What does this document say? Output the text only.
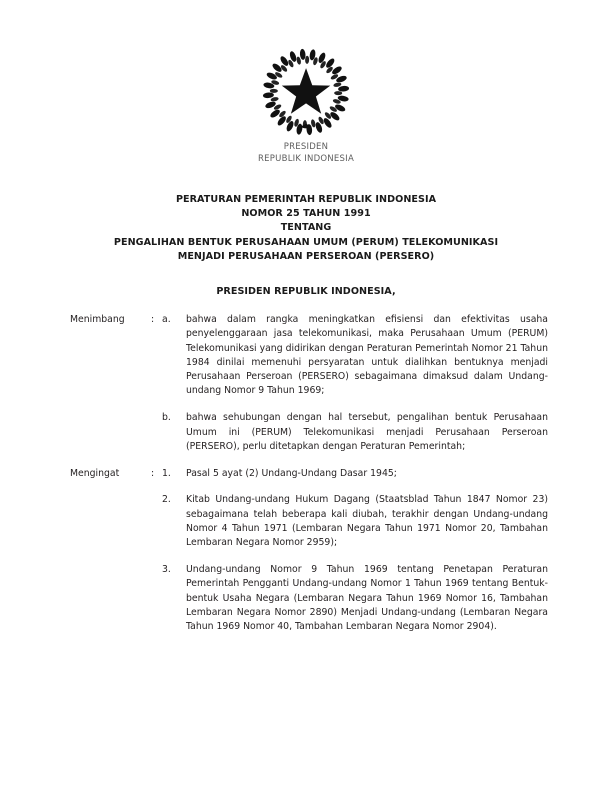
PRESIDEN
REPUBLIK INDONESIA
PERATURAN PEMERINTAH REPUBLIK INDONESIA
NOMOR 25 TAHUN 1991
TENTANG
PENGALIHAN BENTUK PERUSAHAAN UMUM (PERUM) TELEKOMUNIKASI
MENJADI PERUSAHAAN PERSEROAN (PERSERO)
PRESIDEN REPUBLIK INDONESIA,
Menimbang	: a.	bahwa dalam rangka meningkatkan efisiensi dan efektivitas usaha penyelenggaraan jasa telekomunikasi, maka Perusahaan Umum (PERUM) Telekomunikasi yang didirikan dengan Peraturan Pemerintah Nomor 21 Tahun 1984 dinilai memenuhi persyaratan untuk dialihkan bentuknya menjadi Perusahaan Perseroan (PERSERO) sebagaimana dimaksud dalam Undang-undang Nomor 9 Tahun 1969;
b.	bahwa sehubungan dengan hal tersebut, pengalihan bentuk Perusahaan Umum ini (PERUM) Telekomunikasi menjadi Perusahaan Perseroan (PERSERO), perlu ditetapkan dengan Peraturan Pemerintah;
Mengingat	: 1.	Pasal 5 ayat (2) Undang-Undang Dasar 1945;
2.	Kitab Undang-undang Hukum Dagang (Staatsblad Tahun 1847 Nomor 23) sebagaimana telah beberapa kali diubah, terakhir dengan Undang-undang Nomor 4 Tahun 1971 (Lembaran Negara Tahun 1971 Nomor 20, Tambahan Lembaran Negara Nomor 2959);
3.	Undang-undang Nomor 9 Tahun 1969 tentang Penetapan Peraturan Pemerintah Pengganti Undang-undang Nomor 1 Tahun 1969 tentang Bentuk-bentuk Usaha Negara (Lembaran Negara Tahun 1969 Nomor 16, Tambahan Lembaran Negara Nomor 2890) Menjadi Undang-undang (Lembaran Negara Tahun 1969 Nomor 40, Tambahan Lembaran Negara Nomor 2904).
